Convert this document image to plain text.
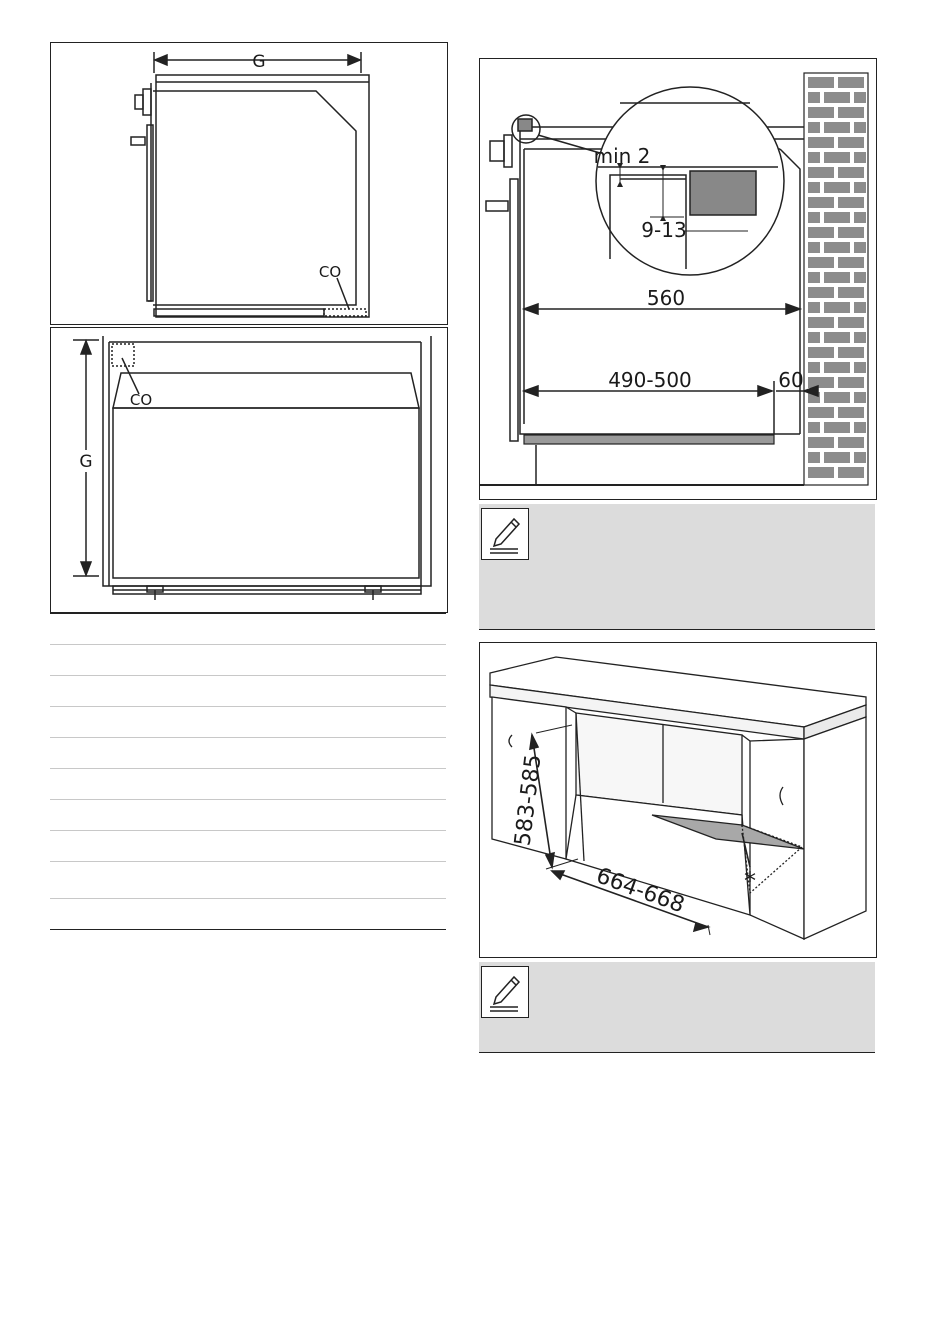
G
CO
G
CO
min 2
9-13
560
490-500	60
583-585
664-668 *
